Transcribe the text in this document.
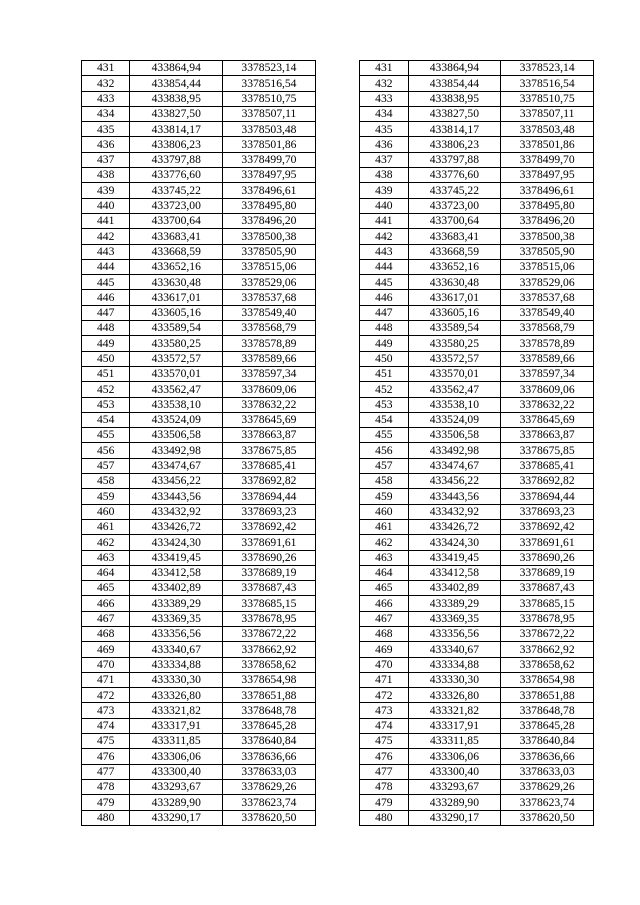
431	433864,94	3378523,14		431	433864,94	3378523,14
432	433854,44	3378516,54		432	433854,44	3378516,54
433	433838,95	3378510,75		433	433838,95	3378510,75
434	433827,50	3378507,11		434	433827,50	3378507,11
435	433814,17	3378503,48		435	433814,17	3378503,48
436	433806,23	3378501,86		436	433806,23	3378501,86
437	433797,88	3378499,70		437	433797,88	3378499,70
438	433776,60	3378497,95		438	433776,60	3378497,95
439	433745,22	3378496,61		439	433745,22	3378496,61
440	433723,00	3378495,80		440	433723,00	3378495,80
441	433700,64	3378496,20		441	433700,64	3378496,20
442	433683,41	3378500,38		442	433683,41	3378500,38
443	433668,59	3378505,90		443	433668,59	3378505,90
444	433652,16	3378515,06		444	433652,16	3378515,06
445	433630,48	3378529,06		445	433630,48	3378529,06
446	433617,01	3378537,68		446	433617,01	3378537,68
447	433605,16	3378549,40		447	433605,16	3378549,40
448	433589,54	3378568,79		448	433589,54	3378568,79
449	433580,25	3378578,89		449	433580,25	3378578,89
450	433572,57	3378589,66		450	433572,57	3378589,66
451	433570,01	3378597,34		451	433570,01	3378597,34
452	433562,47	3378609,06		452	433562,47	3378609,06
453	433538,10	3378632,22		453	433538,10	3378632,22
454	433524,09	3378645,69		454	433524,09	3378645,69
455	433506,58	3378663,87		455	433506,58	3378663,87
456	433492,98	3378675,85		456	433492,98	3378675,85
457	433474,67	3378685,41		457	433474,67	3378685,41
458	433456,22	3378692,82		458	433456,22	3378692,82
459	433443,56	3378694,44		459	433443,56	3378694,44
460	433432,92	3378693,23		460	433432,92	3378693,23
461	433426,72	3378692,42		461	433426,72	3378692,42
462	433424,30	3378691,61		462	433424,30	3378691,61
463	433419,45	3378690,26		463	433419,45	3378690,26
464	433412,58	3378689,19		464	433412,58	3378689,19
465	433402,89	3378687,43		465	433402,89	3378687,43
466	433389,29	3378685,15		466	433389,29	3378685,15
467	433369,35	3378678,95		467	433369,35	3378678,95
468	433356,56	3378672,22		468	433356,56	3378672,22
469	433340,67	3378662,92		469	433340,67	3378662,92
470	433334,88	3378658,62		470	433334,88	3378658,62
471	433330,30	3378654,98		471	433330,30	3378654,98
472	433326,80	3378651,88		472	433326,80	3378651,88
473	433321,82	3378648,78		473	433321,82	3378648,78
474	433317,91	3378645,28		474	433317,91	3378645,28
475	433311,85	3378640,84		475	433311,85	3378640,84
476	433306,06	3378636,66		476	433306,06	3378636,66
477	433300,40	3378633,03		477	433300,40	3378633,03
478	433293,67	3378629,26		478	433293,67	3378629,26
479	433289,90	3378623,74		479	433289,90	3378623,74
480	433290,17	3378620,50		480	433290,17	3378620,50
